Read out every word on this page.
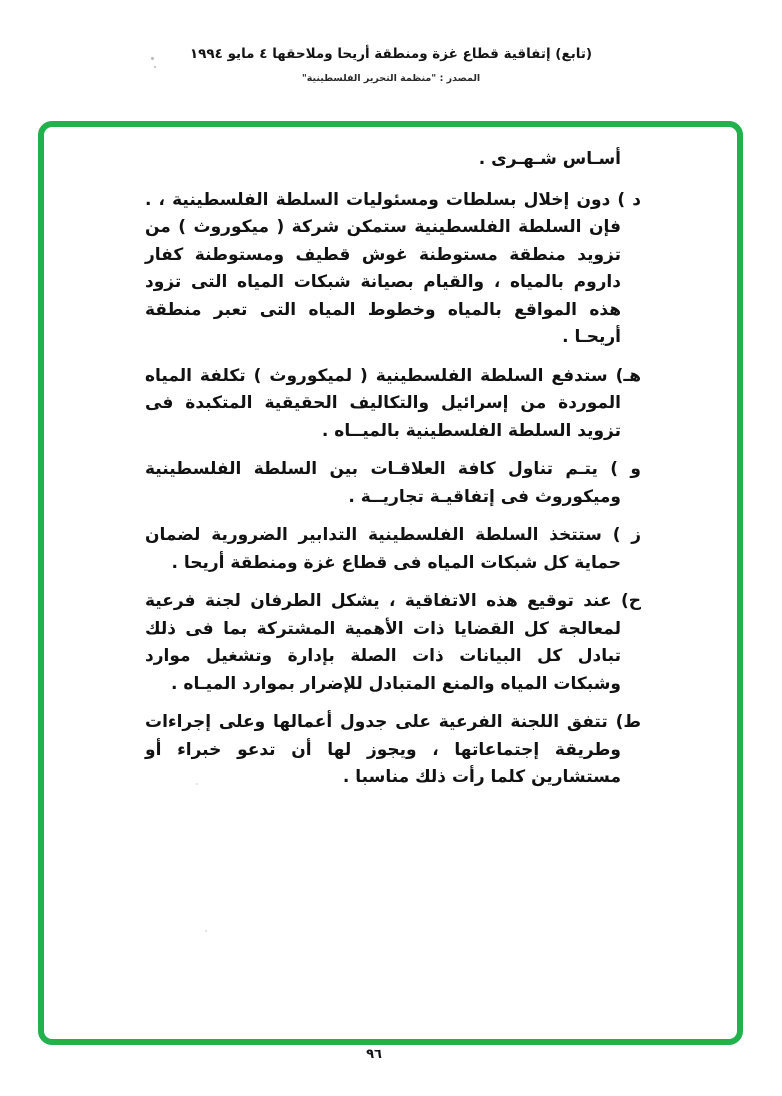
(تابع) إتفاقية قطاع غزة ومنطقة أريحا وملاحقها ٤ مايو ١٩٩٤
المصدر : "منظمة التحرير الفلسطينية"

أسـاس شـهـرى .

د ) دون إخلال بسلطات ومسئوليات السلطة الفلسطينية ، . فإن السلطة الفلسطينية ستمكن شركة ( ميكوروث ) من تزويد منطقة مستوطنة غوش قطيف ومستوطنة كفار داروم بالمياه ، والقيام بصيانة شبكات المياه التى تزود هذه المواقع بالمياه وخطوط المياه التى تعبر منطقة أريحـا .

هـ) ستدفع السلطة الفلسطينية ( لميكوروث ) تكلفة المياه الموردة من إسرائيل والتكاليف الحقيقية المتكبدة فى تزويد السلطة الفلسطينية بالميــاه .

و ) يتـم تناول كافة العلاقـات بين السلطة الفلسطينية وميكوروث فى إتفاقيـة تجاريــة .

ز ) ستتخذ السلطة الفلسطينية التدابير الضرورية لضمان حماية كل شبكات المياه فى قطاع غزة ومنطقة أريحا .

ح) عند توقيع هذه الاتفاقية ، يشكل الطرفان لجنة فرعية لمعالجة كل القضايا ذات الأهمية المشتركة بما فى ذلك تبادل كل البيانات ذات الصلة بإدارة وتشغيل موارد وشبكات المياه والمنع المتبادل للإضرار بموارد الميـاه .

ط) تتفق اللجنة الفرعية على جدول أعمالها وعلى إجراءات وطريقة إجتماعاتها ، ويجوز لها أن تدعو خبراء أو مستشارين كلما رأت ذلك مناسبا .

٩٦
